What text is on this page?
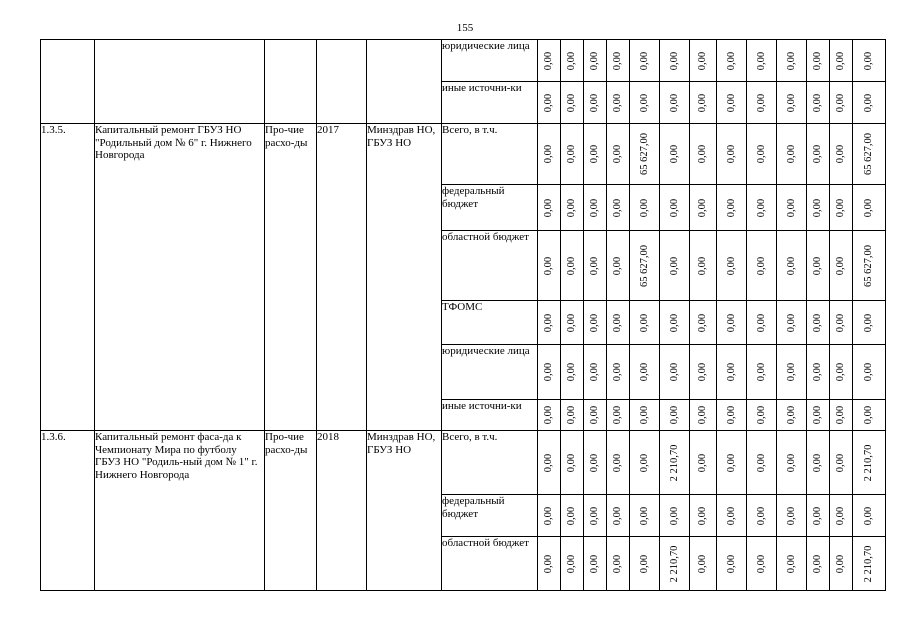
155
					юридические лица	0,00	0,00	0,00	0,00	0,00	0,00	0,00	0,00	0,00	0,00	0,00	0,00	0,00

					иные источни-ки	0,00	0,00	0,00	0,00	0,00	0,00	0,00	0,00	0,00	0,00	0,00	0,00	0,00

1.3.5.	Капитальный ремонт ГБУЗ НО "Родильный дом № 6" г. Нижнего Новгорода	Про-чие расхо-ды	2017	Минздрав НО, ГБУЗ НО	Всего, в т.ч.	0,00	0,00	0,00	0,00	65 627,00	0,00	0,00	0,00	0,00	0,00	0,00	0,00	65 627,00

					федеральный бюджет	0,00	0,00	0,00	0,00	0,00	0,00	0,00	0,00	0,00	0,00	0,00	0,00	0,00

					областной бюджет	0,00	0,00	0,00	0,00	65 627,00	0,00	0,00	0,00	0,00	0,00	0,00	0,00	65 627,00

					ТФОМС	0,00	0,00	0,00	0,00	0,00	0,00	0,00	0,00	0,00	0,00	0,00	0,00	0,00

					юридические лица	0,00	0,00	0,00	0,00	0,00	0,00	0,00	0,00	0,00	0,00	0,00	0,00	0,00

					иные источни-ки	0,00	0,00	0,00	0,00	0,00	0,00	0,00	0,00	0,00	0,00	0,00	0,00	0,00

1.3.6.	Капитальный ремонт фаса-да к Чемпионату Мира по футболу ГБУЗ НО "Родиль-ный дом № 1" г. Нижнего Новгорода	Про-чие расхо-ды	2018	Минздрав НО, ГБУЗ НО	Всего, в т.ч.	0,00	0,00	0,00	0,00	0,00	2 210,70	0,00	0,00	0,00	0,00	0,00	0,00	2 210,70

					федеральный бюджет	0,00	0,00	0,00	0,00	0,00	0,00	0,00	0,00	0,00	0,00	0,00	0,00	0,00

					областной бюджет	0,00	0,00	0,00	0,00	0,00	2 210,70	0,00	0,00	0,00	0,00	0,00	0,00	2 210,70
